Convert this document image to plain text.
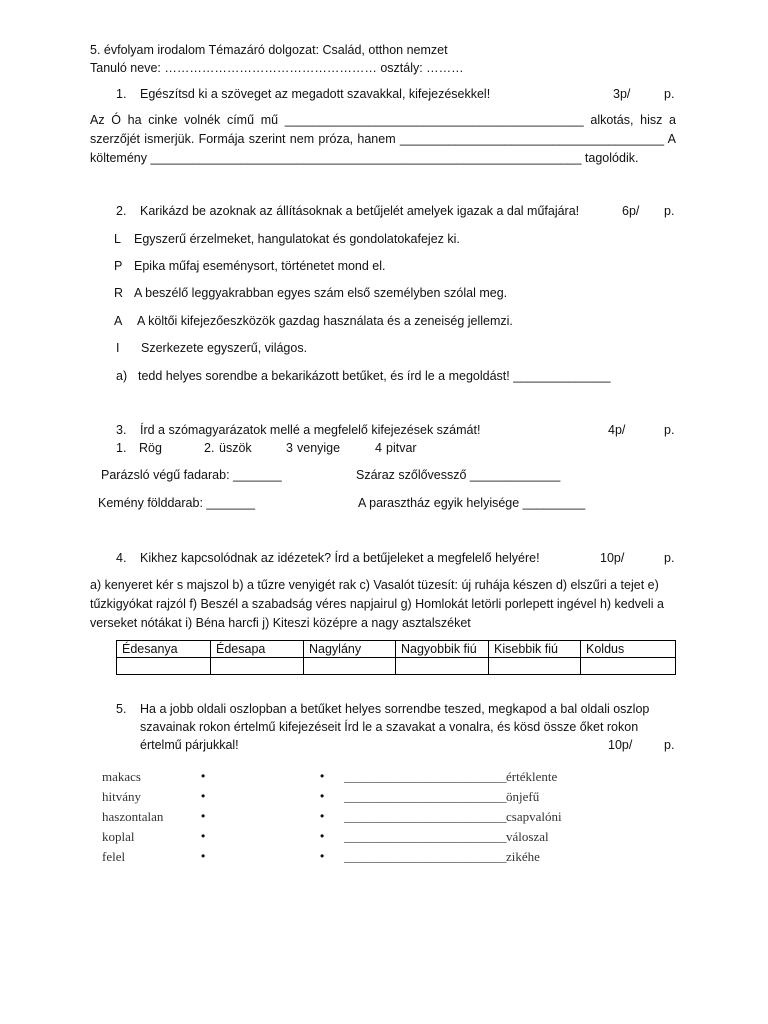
5. évfolyam irodalom Témazáró dolgozat: Család, otthon nemzet
Tanuló neve: …………………………………………… osztály: ………
1. Egészítsd ki a szöveget az megadott szavakkal, kifejezésekkel!	3p/	p.
Az Ó ha cinke volnék című mű ___________________________________________ alkotás, hisz a szerzőjét ismerjük. Formája szerint nem próza, hanem ______________________________________ A költemény ______________________________________________________________ tagolódik.
2. Karikázd be azoknak az állításoknak a betűjelét amelyek igazak a dal műfajára!	6p/ p.
L Egyszerű érzelmeket, hangulatokat és gondolatokafejez ki.
P Epika műfaj eseménysort, történetet mond el.
R A beszélő leggyakrabban egyes szám első személyben szólal meg.
A A költői kifejezőeszközök gazdag használata és a zeneiség jellemzi.
I Szerkezete egyszerű, világos.
a) tedd helyes sorendbe a bekarikázott betűket, és írd le a megoldást! ______________
3. Írd a szómagyarázatok mellé a megfelelő kifejezések számát!	4p/	p.
1. Rög	2. üszök	3 venyige	4 pitvar
Parázsló végű fadarab: _______	Száraz szőlővessző _____________
Kemény földdarab: _______	A parasztház egyik helyisége _________
4. Kikhez kapcsolódnak az idézetek? Írd a betűjeleket a megfelelő helyére!	10p/	p.
a) kenyeret kér s majszol b) a tűzre venyigét rak c) Vasalót tüzesít: új ruhája készen d) elszűri a tejet e) tűzkigyókat rajzól f) Beszél a szabadság véres napjairul g) Homlokát letörli porlepett ingével h) kedveli a verseket nótákat i) Béna harcfi j) Kiteszi középre a nagy asztalszéket
Édesanya	Édesapa	Nagylány	Nagyobbik fiú	Kisebbik fiú	Koldus

5. Ha a jobb oldali oszlopban a betűket helyes sorrendbe teszed, megkapod a bal oldali oszlop
szavainak rokon értelmű kifejezéseit Írd le a szavakat a vonalra, és kösd össze őket rokon
értelmű párjukkal!	10p/	p.
makacs	•	• _________________________ értéklente
hitvány	•	• _________________________ önjefű
haszontalan	•	• _________________________ csapvalóni
koplal	•	• _________________________ váloszal
felel	•	• _________________________ zikéhe
